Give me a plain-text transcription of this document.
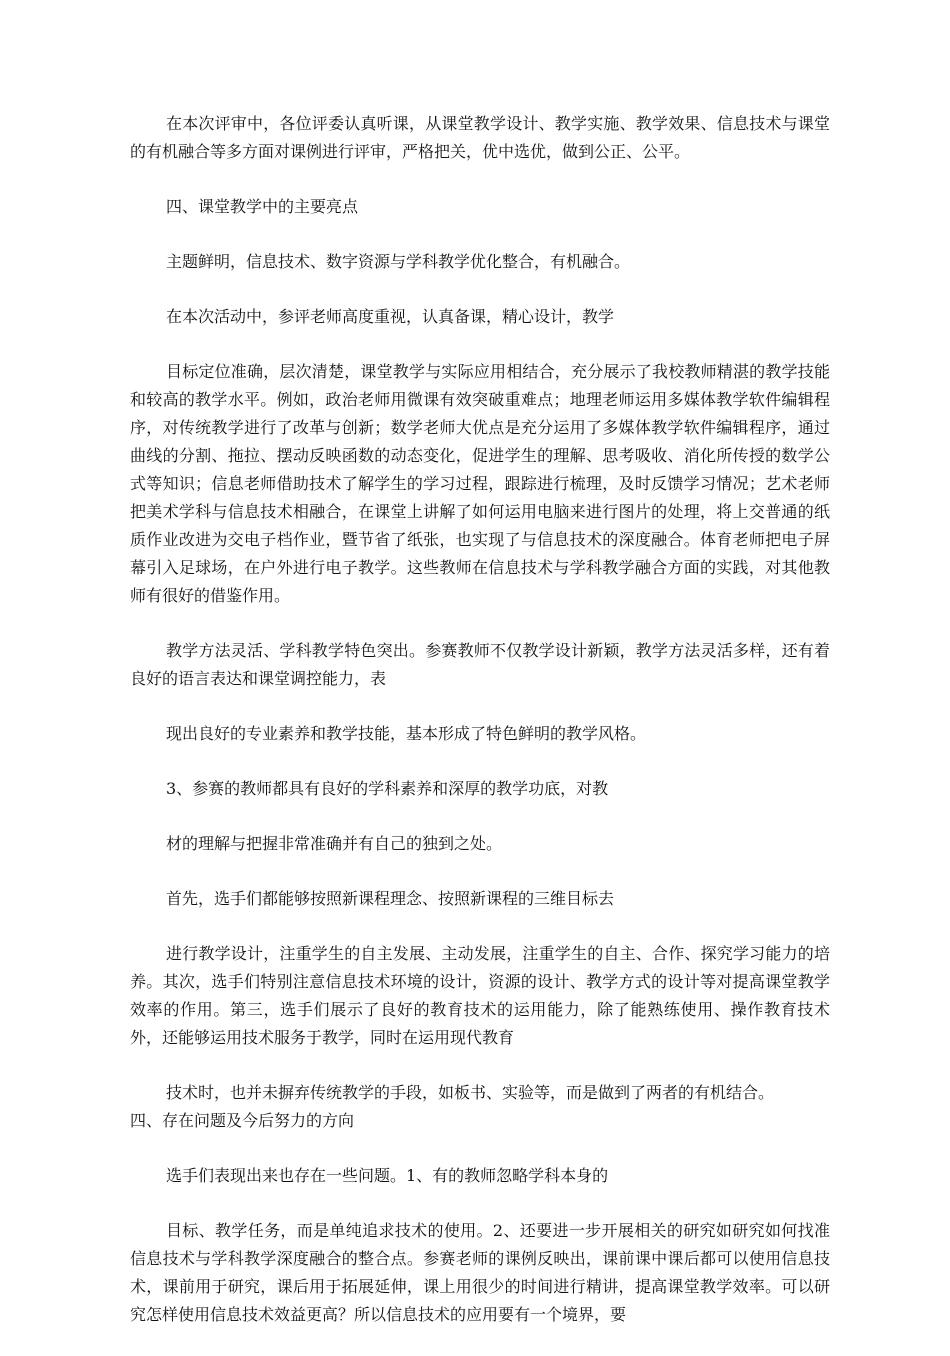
在本次评审中，各位评委认真听课，从课堂教学设计、教学实施、教学效果、信息技术与课堂的有机融合等多方面对课例进行评审，严格把关，优中选优，做到公正、公平。

四、课堂教学中的主要亮点

主题鲜明，信息技术、数字资源与学科教学优化整合，有机融合。

在本次活动中，参评老师高度重视，认真备课，精心设计，教学

目标定位准确，层次清楚，课堂教学与实际应用相结合，充分展示了我校教师精湛的教学技能和较高的教学水平。例如，政治老师用微课有效突破重难点；地理老师运用多媒体教学软件编辑程序，对传统教学进行了改革与创新；数学老师大优点是充分运用了多媒体教学软件编辑程序，通过曲线的分割、拖拉、摆动反映函数的动态变化，促进学生的理解、思考吸收、消化所传授的数学公式等知识；信息老师借助技术了解学生的学习过程，跟踪进行梳理，及时反馈学习情况；艺术老师把美术学科与信息技术相融合，在课堂上讲解了如何运用电脑来进行图片的处理，将上交普通的纸质作业改进为交电子档作业，暨节省了纸张，也实现了与信息技术的深度融合。体育老师把电子屏幕引入足球场，在户外进行电子教学。这些教师在信息技术与学科教学融合方面的实践，对其他教师有很好的借鉴作用。

教学方法灵活、学科教学特色突出。参赛教师不仅教学设计新颖，教学方法灵活多样，还有着良好的语言表达和课堂调控能力，表

现出良好的专业素养和教学技能，基本形成了特色鲜明的教学风格。

3、参赛的教师都具有良好的学科素养和深厚的教学功底，对教

材的理解与把握非常准确并有自己的独到之处。

首先，选手们都能够按照新课程理念、按照新课程的三维目标去

进行教学设计，注重学生的自主发展、主动发展，注重学生的自主、合作、探究学习能力的培养。其次，选手们特别注意信息技术环境的设计，资源的设计、教学方式的设计等对提高课堂教学效率的作用。第三，选手们展示了良好的教育技术的运用能力，除了能熟练使用、操作教育技术外，还能够运用技术服务于教学，同时在运用现代教育

技术时，也并未摒弃传统教学的手段，如板书、实验等，而是做到了两者的有机结合。

四、存在问题及今后努力的方向

选手们表现出来也存在一些问题。1、有的教师忽略学科本身的

目标、教学任务，而是单纯追求技术的使用。2、还要进一步开展相关的研究如研究如何找准信息技术与学科教学深度融合的整合点。参赛老师的课例反映出，课前课中课后都可以使用信息技术，课前用于研究，课后用于拓展延伸，课上用很少的时间进行精讲，提高课堂教学效率。可以研究怎样使用信息技术效益更高？所以信息技术的应用要有一个境界，要
